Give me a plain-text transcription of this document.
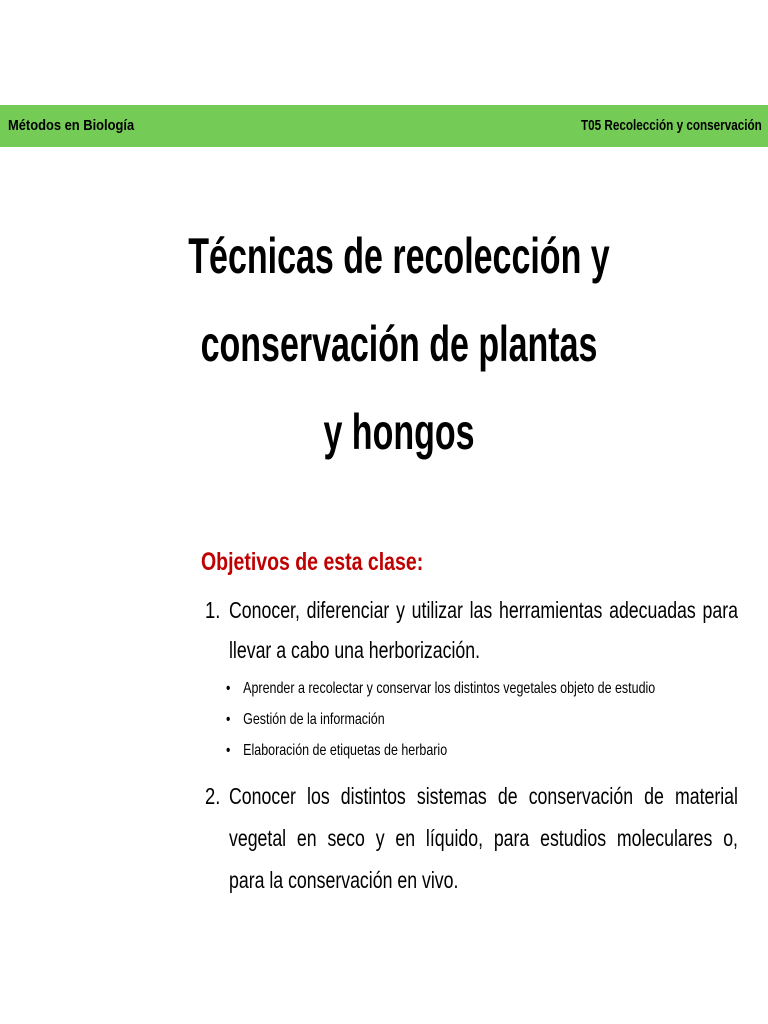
Métodos en Biología	T05 Recolección y conservación
Técnicas de recolección y
conservación de plantas
y hongos
Objetivos de esta clase:
1. Conocer, diferenciar y utilizar las herramientas adecuadas para
llevar a cabo una herborización.
• Aprender a recolectar y conservar los distintos vegetales objeto de estudio
• Gestión de la información
• Elaboración de etiquetas de herbario
2. Conocer los distintos sistemas de conservación de material
vegetal en seco y en líquido, para estudios moleculares o,
para la conservación en vivo.
